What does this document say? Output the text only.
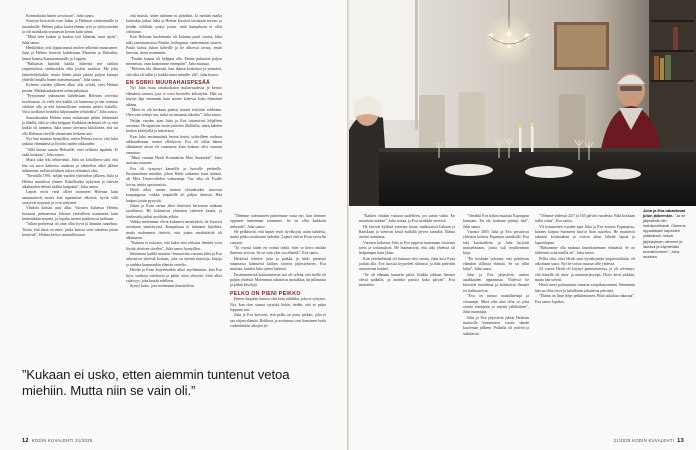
Kommikoiin hänen toivottaan”, Juha sanoo.

Syntynä kerrottiin vain Juhan ja Helenan vanhemmille ja sisaruksille. Helena jatkoi hoitoryhmän työt ja tyttöystävään ja otti asiakkaita seuraavan kerran kuin juhan.

”Minä teen kaiken ja kuuluu työt lähteinä, tutut myös”, Juha sanoo.

Henkilökin ovat loputtomasti mielen selkeästi muuttuneet. Juha ja Helena lensivät kahdestaan Miamiin ja Duhaihin, lasten kanssa Kanariansaarille ja Lappiin.

”Haluaisin kaytinä kaikki hikeestä me tahdon ympäristössä vanhustakin eikä joskus suurkoa. Me joka laskettelijoitakin, mutta hänen pitää jaksaa paljon kutsuja yhdellä lomalla hänen maisemassaan”, Juha sanoo.

Kolmen vuoden jälkeen alkoi olla selvää, ettei Helena parane. Matkakauksikseen erään paluuttaa.

”Pystyimme puhumaan kahdestaan Helenan toiveista kuolemasta. Ja vielä että kaikki oli kunnossa ja sen toteutus vihdoin olla ja että luonnollisten voimien pitäisi loistella. Voisi tuollaiset hetkeksi hiljaisuuden tehtäväksi”, Juha sanoo.

Sairaalassakin Helena sanoi rauhaisaan pitäen lähtemistä ja lähellä, eikä se ollut helppoa. Kaikkein tärkeintä oli se, että kaikki oli tunnettu. Juha sanoo olevansa kiitollinen, että sai olla Helenan vierellä viimeiseen hetkeen asti.

Nyt hän muistaa hymyillen, miten Helena toivoi, että Juha jatkaisi elämäänsä ja löytäisi uuden rakkauden.

”Sillä kertaa sanoin Helenalle, ettei sellaista tapahdu. Ei enää koskaan”, Juha sanoo.

Mutta aika teki tehtävänsä. Juha on kiitollinen siitä, että hän sai surra kaikessa rauhassa ja vähitellen alkoi jälleen hahmottaa, millaista hänen tuleva elämänsä olisi.

”Keväällä 1991, neljän vuoden yhteiselon jälkeen, Juha ja Helena muuttivat yhteen. Kiitolliseksi nykyisen ja tulevan aikakauden edessä sitäkin kaipaisin”, Juha sanoo.

Lapset eivät vielä olleet tavanneet Helenaa kuin satunnaisesti, mutta kun tapaamiset alkoivat, hyvät välit syntyivät nopeasti ja ovat säilyneet.

Vihdoin koittaa uusi alku. Vuosien kuluessa Helena huomasi puhuneensa Juhasta ystävilleen useammin kuin kenestäkään muusta, ja lopulta tunteet puhkesivat kukkaan.

”Juhan perheessä oli aina ollut hyvä ja lämmin tunnelma. Tiesin, että tässä on mies, jonka kanssa voin rakentaa jotain kestävää”, Helena kertoo muistellessaan.

että muista, sitten tulimme ni päiväkin. Ja meidän matka kuitenkin jatkui. Juha ja Helena löysivät toisistaan turvan, ja heidän välillään syntyi jotain, mitä kumpikaan ei ollut odottanut.

Kun Helenan kuolemasta oli kulunut puoli vuotta, Juha näki tanssitanssissa Paulan, kollegansa vanhemman sisaren. Paula kutsui Juhan kahville ja he alkoivat tavata, ensin harvoin, sitten useammin.

”Paulan kanssa oli helppoa olla. Emme puhuneet paljon menneistä, vaan katsoimme eteenpäin”, Juha muistaa.

”Helenan tiki illmentti, kun ikänsä koskettaa ja ymmärsi, että aika oli tullut ja kaikki sanoi minulle: elä”, Juha kertoo.

EN SORKI MUURAHAISPESÄÄ

Nyt Juha istuu omakotitalon mukavuudessa ja kertoo elämänsä tarinaa, jota ei voisi kuvitella keksityksi. Hän on käynyt läpi enemmän kuin monet kokevat koko elämänsä aikana.

”Minä en ole koskaan pitänyt itseäni erityisen rohkeana. Olen vain tehnyt sen, mikä on tuntunut oikealta”, Juha sanoo.

Neljän vuoden ajan Juha ja Eva tutustuivat hiljalleen toisiinsa. He tapasivat ensin ystävien illallisilla, sitten kahden kesken kävelyillä ja teatterissa.

Kun Juha ensimmäistä kertaa kertoi ystävilleen uudesta rakkaudestaan, monet yllättyivät. Eva oli tullut hänen elämäänsä aivan eri suunnasta kuin kukaan olisi osannut ennustaa.

”Minä vuonna Heidi Kruunattiin Miss Suomeksi”, Juha muistaa nauraen.

Eva oli syntynyt kauniille ja luovalle perheelle. Ensimmäinen mieskin, johon Heidi suhtautui kuin isäänsä, oli Miss Tennis-tähden valmentaja. Tuo aika oli Evalle kovaa, mutta opettavaista.

Heidi alkoi tuntea itsensä yksinäiseksi suuressa kaupungissa, vaikka ympärillä oli paljon ihmisiä. Hän kaipasi jotain pysyvää.

Juhan ja Evan tarina alkoi ihmisten kertoman mukaan tavallisesti. He kohtasivat yhteisten ystävien kautta, ja keskustelu jatkui myöhään yöhön.

Vaikka molemmat olivat kokeneet menetyksiä, he löysivät toisistaan ymmärrystä. Kumpikaan ei halunnut kiirehtiä, mutta molemmat tiesivät, että jotain merkittävää oli alkamassa.

”Kukaan ei uskonut, että kaksi niin erilaista ihmistä voisi löytää yhteisen sävelen”, Juha sanoo hymyillen.

Sittemmin kaikki muuttui. Seuraavina vuosina Juha ja Eva rakensivat yhteistä kotiaan, joka on täynnä muistoja, kirjoja ja taidetta kummankin elämän varrelta.

Heidin ja Evan kirjeenvaihto alkoi myöhemmin, kun Eva löysi vanhoja valokuvia ja päätti ottaa yhteyttä. Siitä alkoi ystävyys, joka kestää edelleen.

Syntyi koko, jota molemmat ihmettelivät.

”Olemme toteuttaneet puheemme vasta nyt, kun olemme oppineet tuntemaan toisemme. Se on ollut kaikkein tärkeintä”, Juha sanoo.

He pelkäsivät, että lapset eivät hyväksyisi uutta suhdetta, mutta pelko osoittautui turhaksi. Lapset ottivat Evan avosylin vastaan.

”Jo vuosia sitten en voinut tietää, ettei se kerro mitään ihmisen arvosta. Se on vain yksi osa elämää”, Eva sanoo.

Hetkessä tehtävä juttu ja paikka ja hetki pienessä suunnassa käänsivät kaiken toiseen järjestykseen. Eva muistaa, kuinka Juha ojensi kätensä.

Ensimmäisestä kohtaamisesta asti oli selvää, että heillä oli paljon yhteistä. Molemmat rakastivat musiikkia, kirjallisuutta ja pitkiä kävelyjä.

PELKO ON PIENI PEIKKO

Ennen Jurgenin kanssa olin kuin tulitikku, joka ei syttynyt. Nyt, kun olen saanut sytyttää liekin, tiedän, että se palaa loppuun asti.

Juha ja Eva kertovat, että pelko on pieni peikko, joka ei saa ohjata elämää. Rohkeus ja avoimuus ovat kantaneet heitä vaikeidenkin aikojen yli.

”Kukaan ei usko, etten aiemmin tuntenut vetoa miehiin. Mutta niin se vain oli.”
12 KODIN KUVALEHTI 21/2025

”Kaiken ottaisin vastaan uudelleen, jos saisin valita. En muuttaisi mitään”, Juha toteaa, ja Eva nyökkää vieressä.

He kävivät kylässä ystävien luona, matkustivat Italiaan ja Ranskaan ja viettivät kesät mökillä järven rannalla. Elämä asettui uomiinsa.

Vuosien kuluessa Juha ja Eva oppivat tuntemaan toistensa tavat ja tottumukset. He huomasivat, että arki yhdessä oli helpompaa kuin yksin.

Kun yhteiselämää oli kulunut viisi vuotta, Juha kosi Evaa joulun alla. Eva suostui kyyneleet silmissä, ja häät pidettiin seuraavana kesänä.

”Se oli elämäni kaunein päivä. Kaikki rakkaat ihmiset olivat paikalla, ja aurinko paistoi koko päivän”, Eva muistelee.

”Olimme yhdessä 24/7 ja 165 päivää vuodessa. Eikä koskaan tullut riitaa”, Eva sanoo.

Yli kymmenen vuoden ajan Juha ja Eva asuivat Espanjassa, kunnes kaipuu Suomeen kasvoi liian suureksi. He muuttivat takaisin kotimaahan ja ostivat talon läheltä lapsia ja lapsenlapsia.

”Haluamme olla mukana lastenlastemme elämässä. Se on tärkeintä, mitä meillä on”, Juha sanoo.

Pelko siitä, ettei Heidi saisi hyväksyntää ympäristöltään, oli aikoinaan suuri. Nyt he voivat nauraa sille yhdessä.

24 vuotta Heidi oli käynyt gemmetraessa, ja oli selvinnyt, että hänellä oli rinta- ja munasarjasyöpä. Hoito kesti pitkään, mutta hän selvisi.

Heidi meni poistumaan rinnasta syöpäkasvaimen. Sittemmin hän on ollut terve ja kiitollinen jokaisesta päivästä.

”Elämä on liian lyhyt pelkäämiseen. Pitää uskaltaa rakastaa”, Eva sanoo lopuksi.

”Omekki Eva halusi muuttaa Espanjaan kanssani. En ole koskaan pitänyt tätä”, Juha sanoo.

Vuonna 2005 Juha ja Eva perustivat yhteisen kotinsa Espanjan rannikolle. Eva teki kuvataidetta ja Juha kirjoitti muistelmiaan, joista tuli myöhemmin kirja.

”En koskaan uskonut, että päädyisin elämään tällaista elämää. Se on ollut lahja”, Juha sanoo.

Juha ja Eva järjestivät uusien asiakkaiden tapaamisia. Yhdessä he kiersivät maailmaa ja kohtasivat ihmisiä eri kulttuureista.

”Eva on minua rauhallisempi ja viisaampi. Minä olen aina ollut se, joka ryntää eteenpäin ja miettii jälkikäteen”, Juha naurahtaa.

Juha ja Eva järjestivät juhlat Helenan muistolle kymmenen vuotta tämän kuoleman jälkeen. Paikalla oli ystäviä ja sukulaisia.

Juha ja Eva rakastuvat jutun jälkeenkin. ”Ja ne järjestivät niin mahtipontisesti. Olemme oppaallaan! kapesten ystävänsä, missä järjestyksen olemme je laulava ja käynteidän tuunistömmen”, Juha muistaa.
21/2025 KODIN KUVALEHTI 13
